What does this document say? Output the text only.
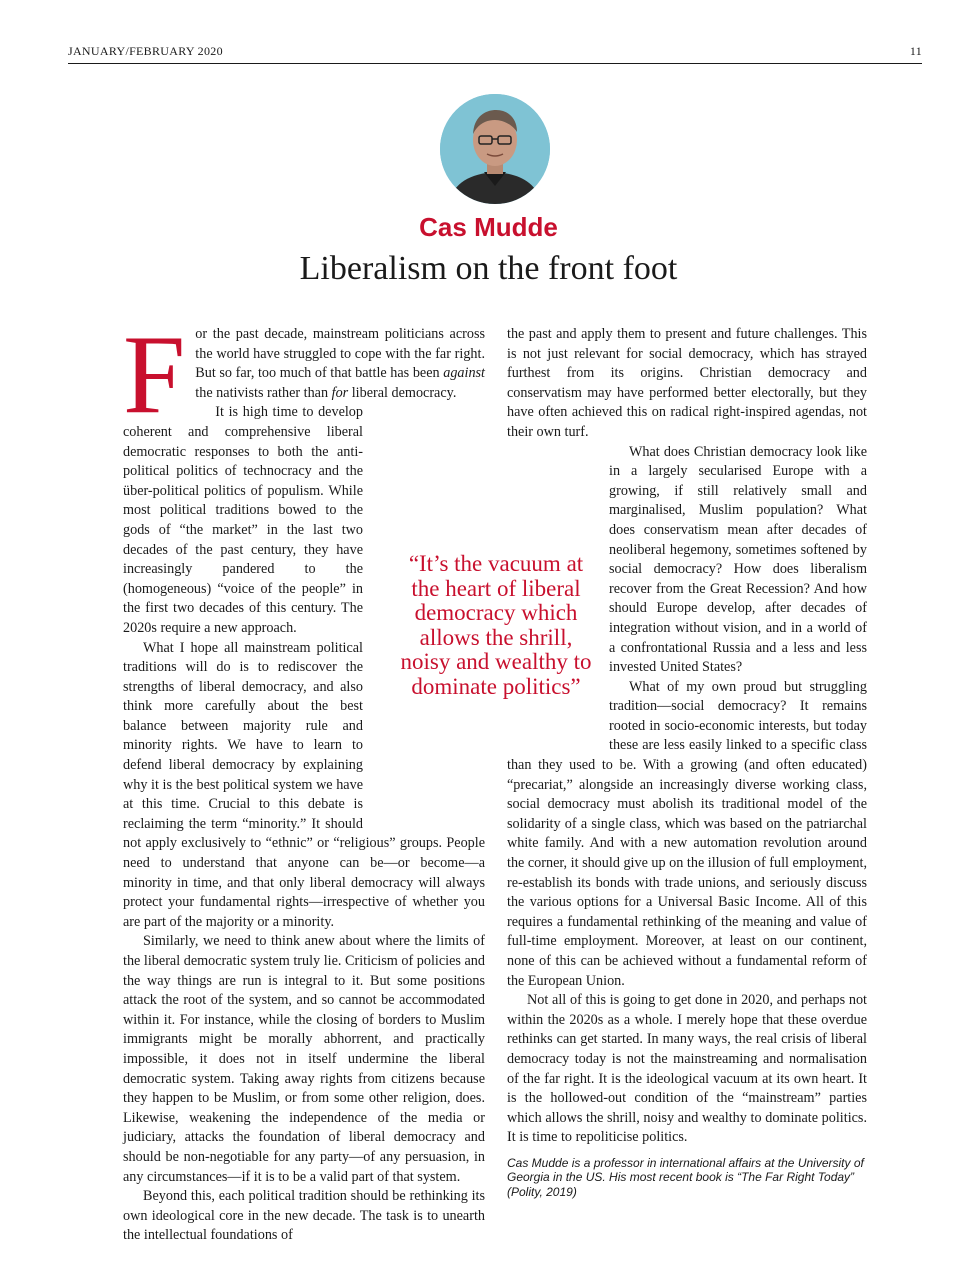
JANUARY/FEBRUARY 2020	11
Cas Mudde
Liberalism on the front foot

For the past decade, mainstream politicians across the world have struggled to cope with the far right. But so far, too much of that battle has been against the nativists rather than for liberal democracy.

It is high time to develop coherent and comprehensive liberal democratic responses to both the anti-political politics of technocracy and the über-political politics of populism. While most political traditions bowed to the gods of “the market” in the last two decades of the past century, they have increasingly pandered to the (homogeneous) “voice of the people” in the first two decades of this century. The 2020s require a new approach.

What I hope all mainstream political traditions will do is to rediscover the strengths of liberal democracy, and also think more carefully about the best balance between majority rule and minority rights. We have to learn to defend liberal democracy by explaining why it is the best political system we have at this time. Crucial to this debate is reclaiming the term “minority.” It should not apply exclusively to “ethnic” or “religious” groups. People need to understand that anyone can be—or become—a minority in time, and that only liberal democracy will always protect your fundamental rights—irrespective of whether you are part of the majority or a minority.

Similarly, we need to think anew about where the limits of the liberal democratic system truly lie. Criticism of policies and the way things are run is integral to it. But some positions attack the root of the system, and so cannot be accommodated within it. For instance, while the closing of borders to Muslim immigrants might be morally abhorrent, and practically impossible, it does not in itself undermine the liberal democratic system. Taking away rights from citizens because they happen to be Muslim, or from some other religion, does. Likewise, weakening the independence of the media or judiciary, attacks the foundation of liberal democracy and should be non-negotiable for any party—of any persuasion, in any circumstances—if it is to be a valid part of that system.

Beyond this, each political tradition should be rethinking its own ideological core in the new decade. The task is to unearth the intellectual foundations of

the past and apply them to present and future challenges. This is not just relevant for social democracy, which has strayed furthest from its origins. Christian democracy and conservatism may have performed better electorally, but they have often achieved this on radical right-inspired agendas, not their own turf.

What does Christian democracy look like in a largely secularised Europe with a growing, if still relatively small and marginalised, Muslim population? What does conservatism mean after decades of neoliberal hegemony, sometimes softened by social democracy? How does liberalism recover from the Great Recession? And how should Europe develop, after decades of integration without vision, and in a world of a confrontational Russia and a less and less invested United States?

What of my own proud but struggling tradition—social democracy? It remains rooted in socio-economic interests, but today these are less easily linked to a specific class than they used to be. With a growing (and often educated) “precariat,” alongside an increasingly diverse working class, social democracy must abolish its traditional model of the solidarity of a single class, which was based on the patriarchal white family. And with a new automation revolution around the corner, it should give up on the illusion of full employment, re-establish its bonds with trade unions, and seriously discuss the various options for a Universal Basic Income. All of this requires a fundamental rethinking of the meaning and value of full-time employment. Moreover, at least on our continent, none of this can be achieved without a fundamental reform of the European Union.

Not all of this is going to get done in 2020, and perhaps not within the 2020s as a whole. I merely hope that these overdue rethinks can get started. In many ways, the real crisis of liberal democracy today is not the mainstreaming and normalisation of the far right. It is the ideological vacuum at its own heart. It is the hollowed-out condition of the “mainstream” parties which allows the shrill, noisy and wealthy to dominate politics. It is time to repoliticise politics.

Cas Mudde is a professor in international affairs at the University of Georgia in the US. His most recent book is “The Far Right Today” (Polity, 2019)
“It’s the vacuum at the heart of liberal democracy which allows the shrill, noisy and wealthy to dominate politics”
